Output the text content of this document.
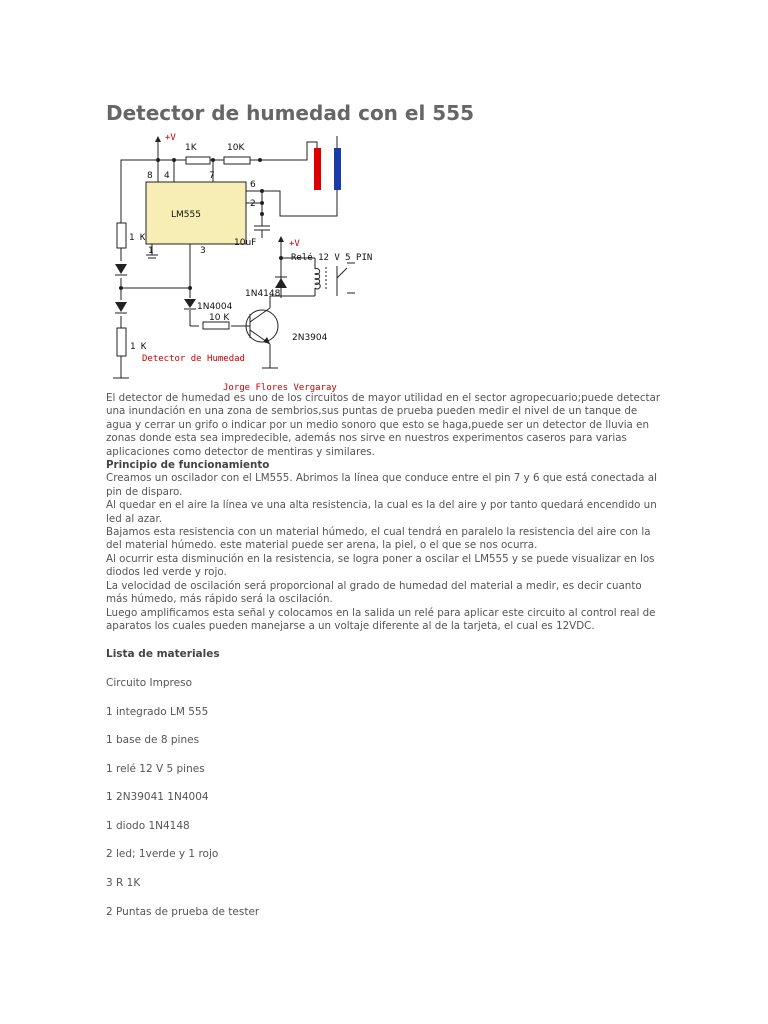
Detector de humedad con el 555
+V
1K	10K
8 4	7
6
2
1	3
LM555
10uF	+V
Relé 12 V 5 PIN
1N4148
1N4004
10 K
2N3904
1 K
1 K
Detector de Humedad
Jorge Flores Vergaray

El detector de humedad es uno de los circuitos de mayor utilidad en el sector agropecuario;puede detectar una inundación en una zona de sembrios,sus puntas de prueba pueden medir el nivel de un tanque de agua y cerrar un grifo o indicar por un medio sonoro que esto se haga,puede ser un detector de lluvia en zonas donde esta sea impredecible, además nos sirve en nuestros experimentos caseros para varias aplicaciones como detector de mentiras y similares.

Principio de funcionamiento

Creamos un oscilador con el LM555. Abrimos la línea que conduce entre el pin 7 y 6 que está conectada al pin de disparo.

Al quedar en el aire la línea ve una alta resistencia, la cual es la del aire y por tanto quedará encendido un led al azar.

Bajamos esta resistencia con un material húmedo, el cual tendrá en paralelo la resistencia del aire con la del material húmedo. este material puede ser arena, la piel, o el que se nos ocurra.

Al ocurrir esta disminución en la resistencia, se logra poner a oscilar el LM555 y se puede visualizar en los diodos led verde y rojo.

La velocidad de oscilación será proporcional al grado de humedad del material a medir, es decir cuanto más húmedo, más rápido será la oscilación.

Luego amplificamos esta señal y colocamos en la salida un relé para aplicar este circuito al control real de aparatos los cuales pueden manejarse a un voltaje diferente al de la tarjeta, el cual es 12VDC.

Lista de materiales
Circuito Impreso
1 integrado LM 555
1 base de 8 pines
1 relé 12 V 5 pines
1 2N39041 1N4004
1 diodo 1N4148
2 led; 1verde y 1 rojo
3 R 1K
2 Puntas de prueba de tester
